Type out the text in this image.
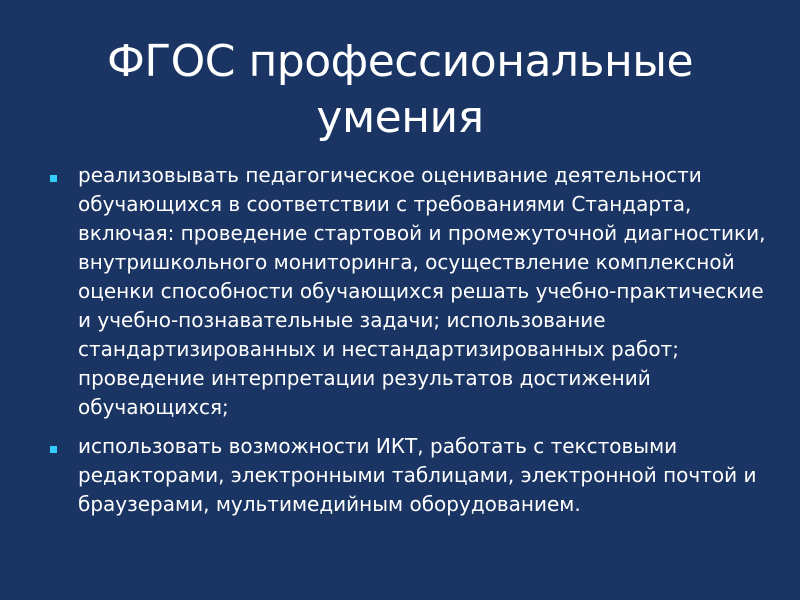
ФГОС профессиональные умения
реализовывать педагогическое оценивание деятельности обучающихся в соответствии с требованиями Стандарта, включая: проведение стартовой и промежуточной диагностики, внутришкольного мониторинга, осуществление комплексной оценки способности обучающихся решать учебно-практические и учебно-познавательные задачи; использование стандартизированных и нестандартизированных работ; проведение интерпретации результатов достижений обучающихся;
использовать возможности ИКТ, работать с текстовыми редакторами, электронными таблицами, электронной почтой и браузерами, мультимедийным оборудованием.
